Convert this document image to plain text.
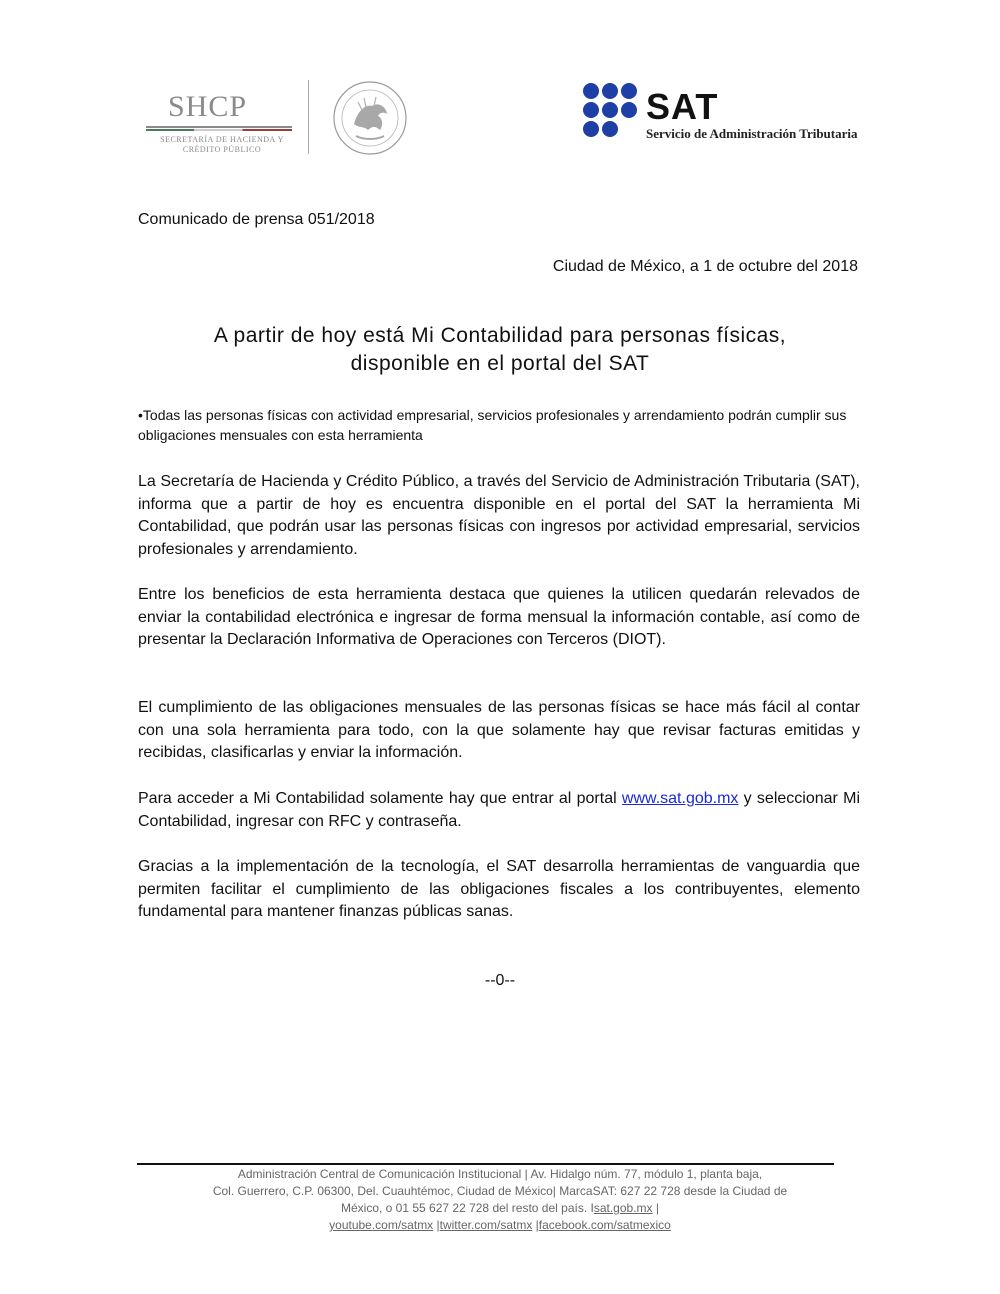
SHCP
SECRETARÍA DE HACIENDA Y CRÉDITO PÚBLICO
SAT
Servicio de Administración Tributaria
Comunicado de prensa 051/2018
Ciudad de México, a 1 de octubre del 2018
A partir de hoy está Mi Contabilidad para personas físicas,
disponible en el portal del SAT
•Todas las personas físicas con actividad empresarial, servicios profesionales y arrendamiento podrán cumplir sus obligaciones mensuales con esta herramienta

La Secretaría de Hacienda y Crédito Público, a través del Servicio de Administración Tributaria (SAT), informa que a partir de hoy es encuentra disponible en el portal del SAT la herramienta Mi Contabilidad, que podrán usar las personas físicas con ingresos por actividad empresarial, servicios profesionales y arrendamiento.

Entre los beneficios de esta herramienta destaca que quienes la utilicen quedarán relevados de enviar la contabilidad electrónica e ingresar de forma mensual la información contable, así como de presentar la Declaración Informativa de Operaciones con Terceros (DIOT).

El cumplimiento de las obligaciones mensuales de las personas físicas se hace más fácil al contar con una sola herramienta para todo, con la que solamente hay que revisar facturas emitidas y recibidas, clasificarlas y enviar la información.

Para acceder a Mi Contabilidad solamente hay que entrar al portal www.sat.gob.mx y seleccionar Mi Contabilidad, ingresar con RFC y contraseña.

Gracias a la implementación de la tecnología, el SAT desarrolla herramientas de vanguardia que permiten facilitar el cumplimiento de las obligaciones fiscales a los contribuyentes, elemento fundamental para mantener finanzas públicas sanas.

--0--
Administración Central de Comunicación Institucional | Av. Hidalgo núm. 77, módulo 1, planta baja,
Col. Guerrero, C.P. 06300, Del. Cuauhtémoc, Ciudad de México| MarcaSAT: 627 22 728 desde la Ciudad de
México, o 01 55 627 22 728 del resto del país. Isat.gob.mx |
youtube.com/satmx |twitter.com/satmx |facebook.com/satmexico
